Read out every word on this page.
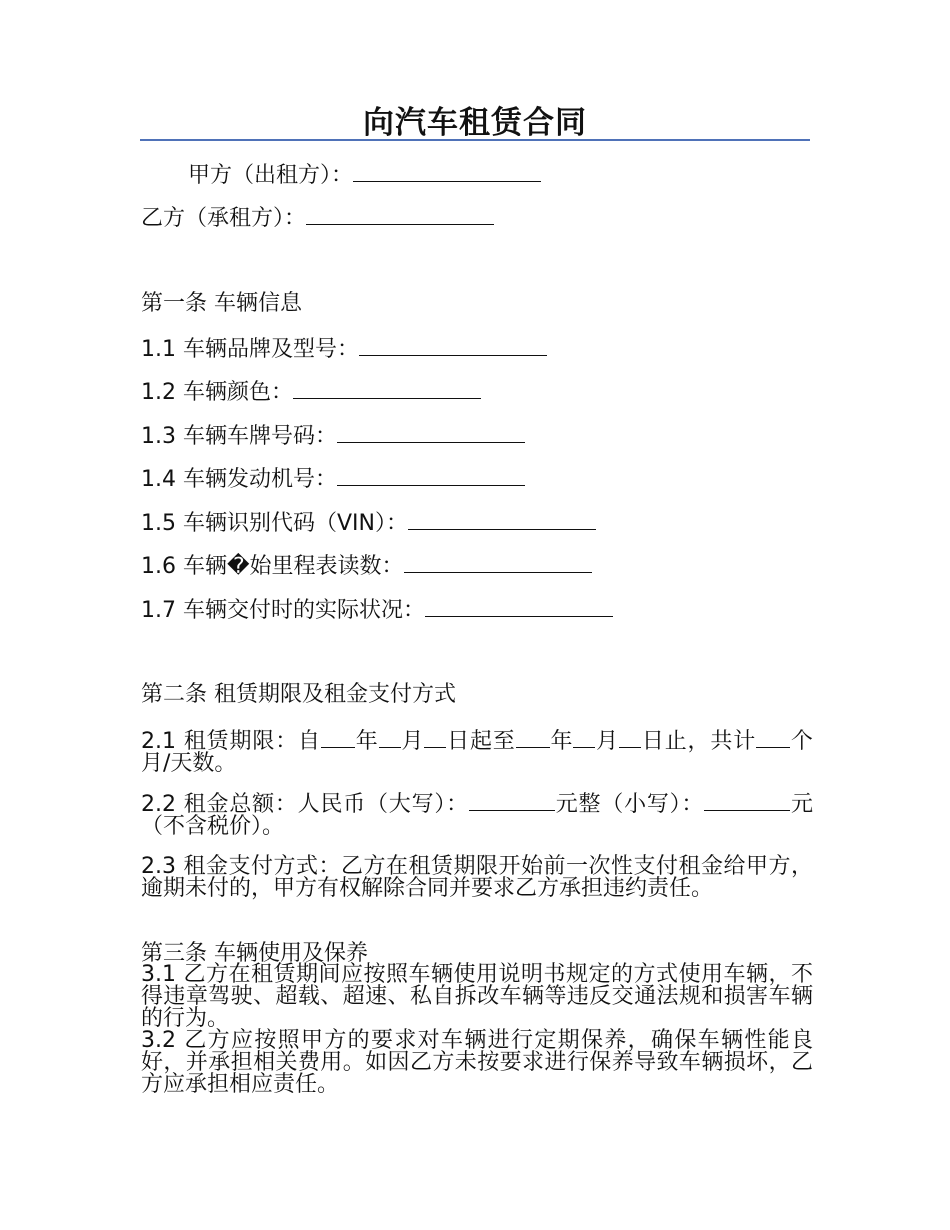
向汽车租赁合同
甲方（出租方）：
乙方（承租方）：
第一条 车辆信息
1.1 车辆品牌及型号：
1.2 车辆颜色：
1.3 车辆车牌号码：
1.4 车辆发动机号：
1.5 车辆识别代码（VIN）：
1.6 车辆�始里程表读数：
1.7 车辆交付时的实际状况：
第二条 租赁期限及租金支付方式
2.1 租赁期限：自 年 月 日起至 年 月 日止，共计 个月/天数。
2.2 租金总额：人民币（大写）：	元整（小写）：	元（不含税价）。
2.3 租金支付方式：乙方在租赁期限开始前一次性支付租金给甲方，逾期未付的，甲方有权解除合同并要求乙方承担违约责任。
第三条 车辆使用及保养
3.1 乙方在租赁期间应按照车辆使用说明书规定的方式使用车辆，不得违章驾驶、超载、超速、私自拆改车辆等违反交通法规和损害车辆的行为。
3.2 乙方应按照甲方的要求对车辆进行定期保养，确保车辆性能良好，并承担相关费用。如因乙方未按要求进行保养导致车辆损坏，乙方应承担相应责任。
